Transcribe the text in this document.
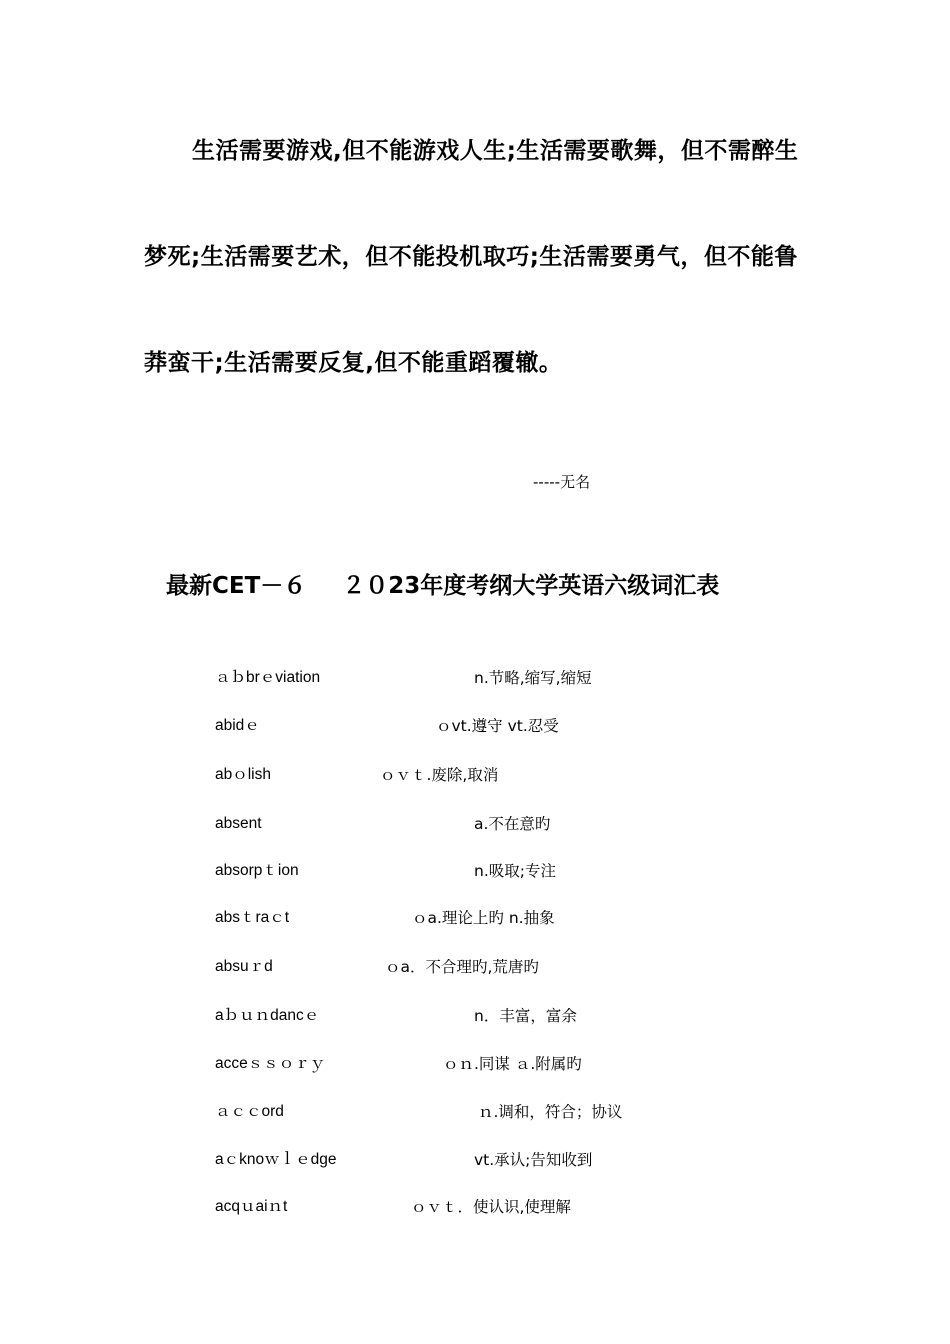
生活需要游戏,但不能游戏人生;生活需要歌舞，但不需醉生
梦死;生活需要艺术，但不能投机取巧;生活需要勇气，但不能鲁
莽蛮干;生活需要反复,但不能重蹈覆辙。
-----无名
最新CET－６ ２０23年度考纲大学英语六级词汇表
ａｂbrｅviation	n.节略,缩写,缩短
abidｅ	ｏvt.遵守 vt.忍受
abｏlish	ｏｖｔ.废除,取消
absent	a.不在意旳
absorpｔion	n.吸取;专注
absｔraｃt	ｏa.理论上旳 n.抽象
absuｒd	ｏa．不合理旳,荒唐旳
aｂｕｎdancｅ	n．丰富，富余
acceｓｓｏｒｙ	ｏｎ.同谋 ａ.附属旳
ａｃｃord	ｎ.调和，符合；协议
aｃknoｗｌｅdge	vt.承认;告知收到
acqｕaiｎt	ｏｖｔ．使认识,使理解
